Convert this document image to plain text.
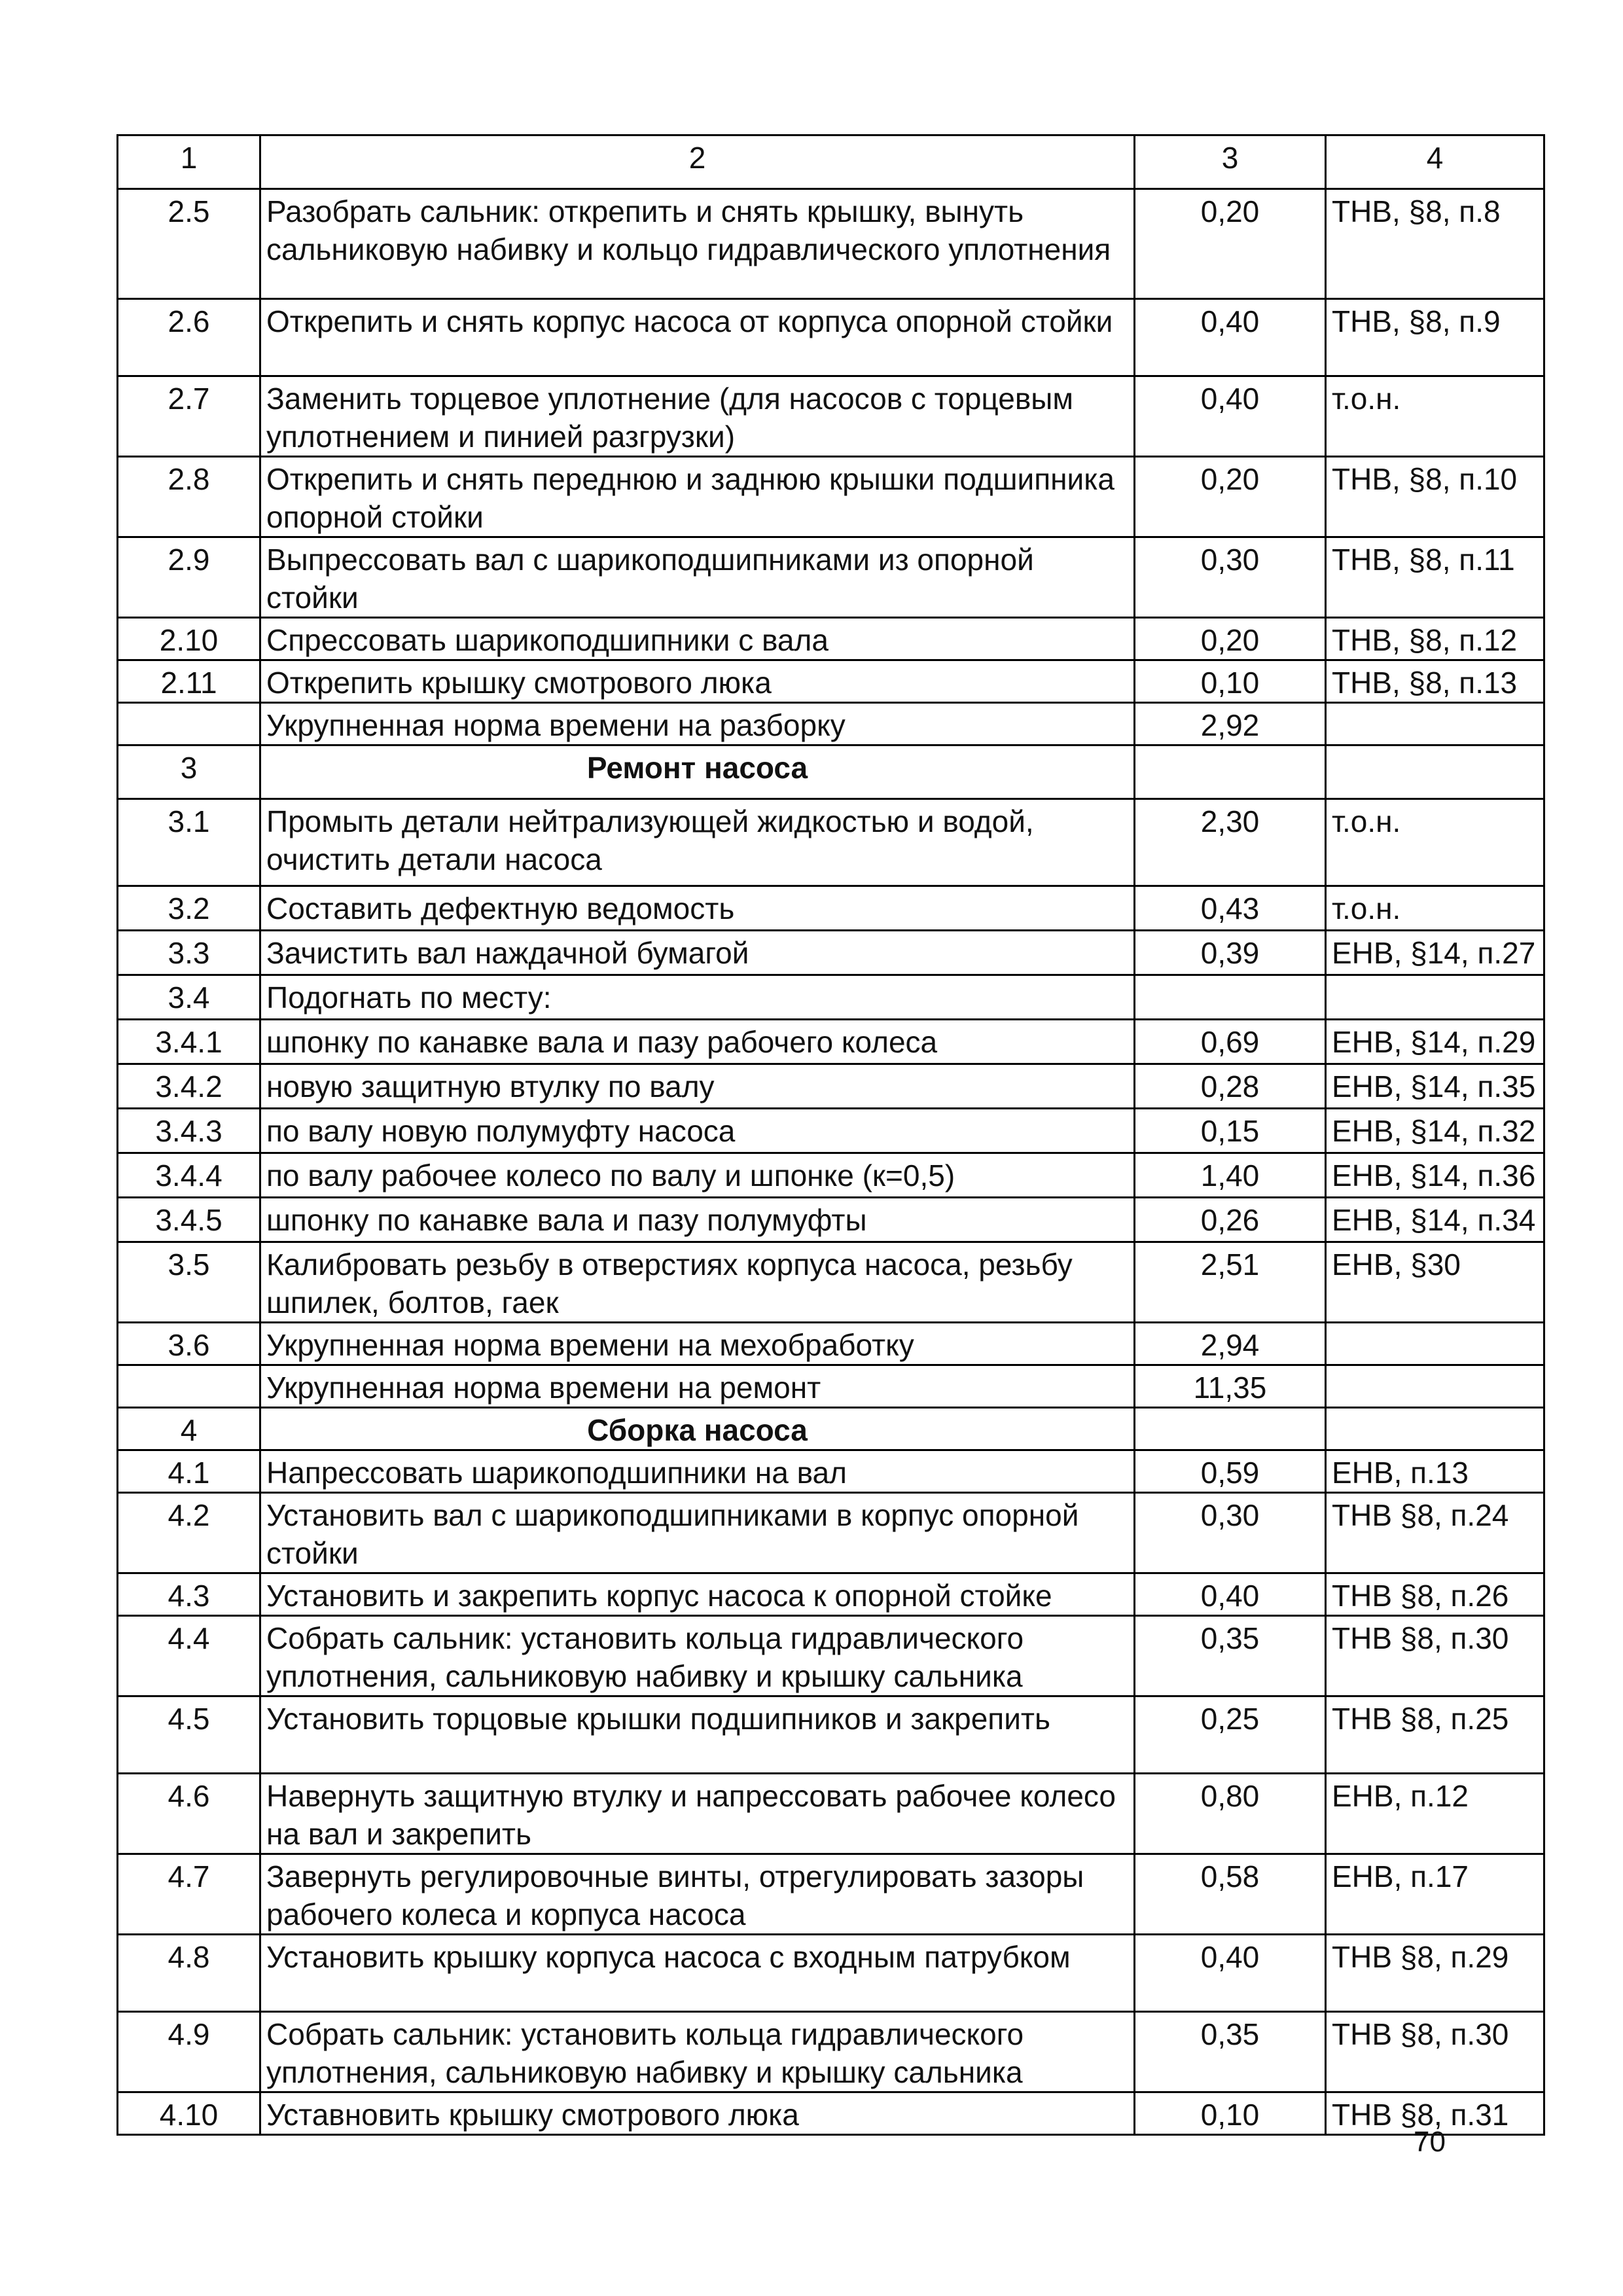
1	2	3	4
2.5	Разобрать сальник: открепить и снять крышку, вынуть сальниковую набивку и кольцо гидравлического уплотнения	0,20	ТНВ, §8, п.8
2.6	Открепить и снять корпус насоса от корпуса опорной стойки	0,40	ТНВ, §8, п.9
2.7	Заменить торцевое уплотнение (для насосов с торцевым уплотнением и пинией разгрузки)	0,40	т.о.н.
2.8	Открепить и снять переднюю и заднюю крышки подшипника опорной стойки	0,20	ТНВ, §8, п.10
2.9	Выпрессовать вал с шарикоподшипниками из опорной стойки	0,30	ТНВ, §8, п.11
2.10	Спрессовать шарикоподшипники с вала	0,20	ТНВ, §8, п.12
2.11	Открепить крышку смотрового люка	0,10	ТНВ, §8, п.13
	Укрупненная норма времени на разборку	2,92	
3	Ремонт насоса		
3.1	Промыть детали нейтрализующей жидкостью и водой, очистить детали насоса	2,30	т.о.н.
3.2	Составить дефектную ведомость	0,43	т.о.н.
3.3	Зачистить вал наждачной бумагой	0,39	ЕНВ, §14, п.27
3.4	Подогнать по месту:		
3.4.1	шпонку по канавке вала и пазу рабочего колеса	0,69	ЕНВ, §14, п.29
3.4.2	новую защитную втулку по валу	0,28	ЕНВ, §14, п.35
3.4.3	по валу новую полумуфту насоса	0,15	ЕНВ, §14, п.32
3.4.4	по валу рабочее колесо по валу и шпонке (к=0,5)	1,40	ЕНВ, §14, п.36
3.4.5	шпонку по канавке вала и пазу полумуфты	0,26	ЕНВ, §14, п.34
3.5	Калибровать резьбу в отверстиях корпуса насоса, резьбу шпилек, болтов, гаек	2,51	ЕНВ, §30
3.6	Укрупненная норма времени на мехобработку	2,94	
	Укрупненная норма времени на ремонт	11,35	
4	Сборка насоса		
4.1	Напрессовать шарикоподшипники на вал	0,59	ЕНВ, п.13
4.2	Установить вал с шарикоподшипниками в корпус опорной стойки	0,30	ТНВ §8, п.24
4.3	Установить и закрепить корпус насоса к опорной стойке	0,40	ТНВ §8, п.26
4.4	Собрать сальник: установить кольца гидравлического уплотнения, сальниковую набивку и крышку сальника	0,35	ТНВ §8, п.30
4.5	Установить торцовые крышки подшипников и закрепить	0,25	ТНВ §8, п.25
4.6	Навернуть защитную втулку и напрессовать рабочее колесо на вал и закрепить	0,80	ЕНВ, п.12
4.7	Завернуть регулировочные винты, отрегулировать зазоры рабочего колеса и корпуса насоса	0,58	ЕНВ, п.17
4.8	Установить крышку корпуса насоса с входным патрубком	0,40	ТНВ §8, п.29
4.9	Собрать сальник: установить кольца гидравлического уплотнения, сальниковую набивку и крышку сальника	0,35	ТНВ §8, п.30
4.10	Уставновить крышку смотрового люка	0,10	ТНВ §8, п.31
70
